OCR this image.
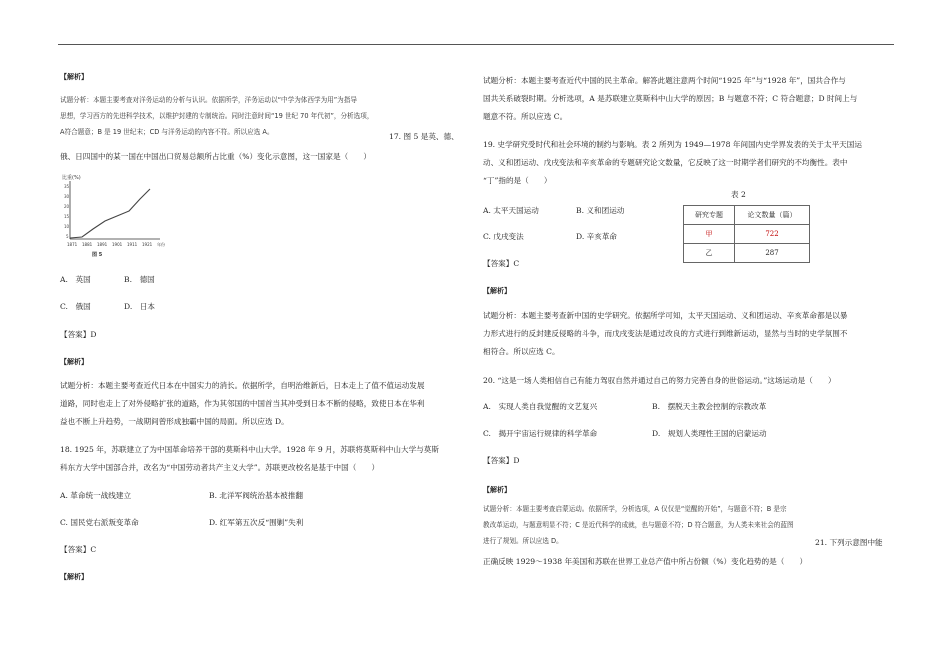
【解析】
试题分析：本题主要考查对洋务运动的分析与认识。依据所学，洋务运动以“中学为体西学为用”为指导
思想，学习西方的先进科学技术，以维护封建的专制统治。同时注意时间“19 世纪 70 年代初”，分析选项，
A符合题意；B 是 19 世纪末；CD 与洋务运动的内容不符。所以应选 A。	17. 图 5 是英、德、
俄、日四国中的某一国在中国出口贸易总额所占比重（%）变化示意图，这一国家是（　　）
比重(%)
35
30
20
15
10
5
1871 1881 1891 1901 1911 1921 年份
图 5
A.　英国	B.　德国
C.　俄国	D.　日本
【答案】D
【解析】
试题分析：本题主要考查近代日本在中国实力的消长。依据所学，自明治维新后，日本走上了值不值运动发展
道路，同时也走上了对外侵略扩张的道路，作为其邻国的中国首当其冲受到日本不断的侵略，致使日本在华利
益也不断上升趋势，一战期间曾形成独霸中国的局面。所以应选 D。
18. 1925 年，苏联建立了为中国革命培养干部的莫斯科中山大学。1928 年 9 月，苏联将莫斯科中山大学与莫斯
科东方大学中国部合并，改名为“中国劳动者共产主义大学”。苏联更改校名是基于中国（　　）
A. 革命统一战线建立	B. 北洋军阀统治基本被推翻
C. 国民党右派叛变革命	D. 红军第五次反“围剿”失利
【答案】C
【解析】
试题分析：本题主要考查近代中国的民主革命。解答此题注意两个时间“1925 年”与“1928 年”，国共合作与
国共关系破裂时期。分析选项，A 是苏联建立莫斯科中山大学的原因；B 与题意不符；C 符合题意；D 时间上与
题意不符。所以应选 C。
19. 史学研究受时代和社会环境的制约与影响。表 2 所列为 1949—1978 年间国内史学界发表的关于太平天国运
动、义和团运动、戊戌变法和辛亥革命的专题研究论文数量，它反映了这一时期学者们研究的不均衡性。表中
“丁”指的是（　　）
表 2
研究专题	论文数量（篇）
甲	722
乙	287
A. 太平天国运动	B. 义和团运动
C. 戊戌变法	D. 辛亥革命
【答案】C
【解析】
试题分析：本题主要考查新中国的史学研究。依据所学可知，太平天国运动、义和团运动、辛亥革命都是以暴
力形式进行的反封建反侵略的斗争，而戊戌变法是通过改良的方式进行到维新运动，显然与当时的史学氛围不
相符合。所以应选 C。
20. “这是一场人类相信自己有能力驾驭自然并通过自己的努力完善自身的世俗运动。”这场运动是（　　）
A.　实现人类自我觉醒的文艺复兴	B.　摆脱天主教会控制的宗教改革
C.　揭开宇宙运行规律的科学革命	D.　规划人类理性王国的启蒙运动
【答案】D
【解析】
试题分析：本题主要考查启蒙运动。依据所学，分析选项，A 仅仅是“觉醒的开始”，与题意不符；B 是宗
教改革运动，与题意明显不符；C 是近代科学的成就，也与题意不符；D 符合题意，为人类未来社会的蓝图
进行了规划。所以应选 D。	21. 下列示意图中能
正确反映 1929～1938 年美国和苏联在世界工业总产值中所占份额（%）变化趋势的是（　　）
